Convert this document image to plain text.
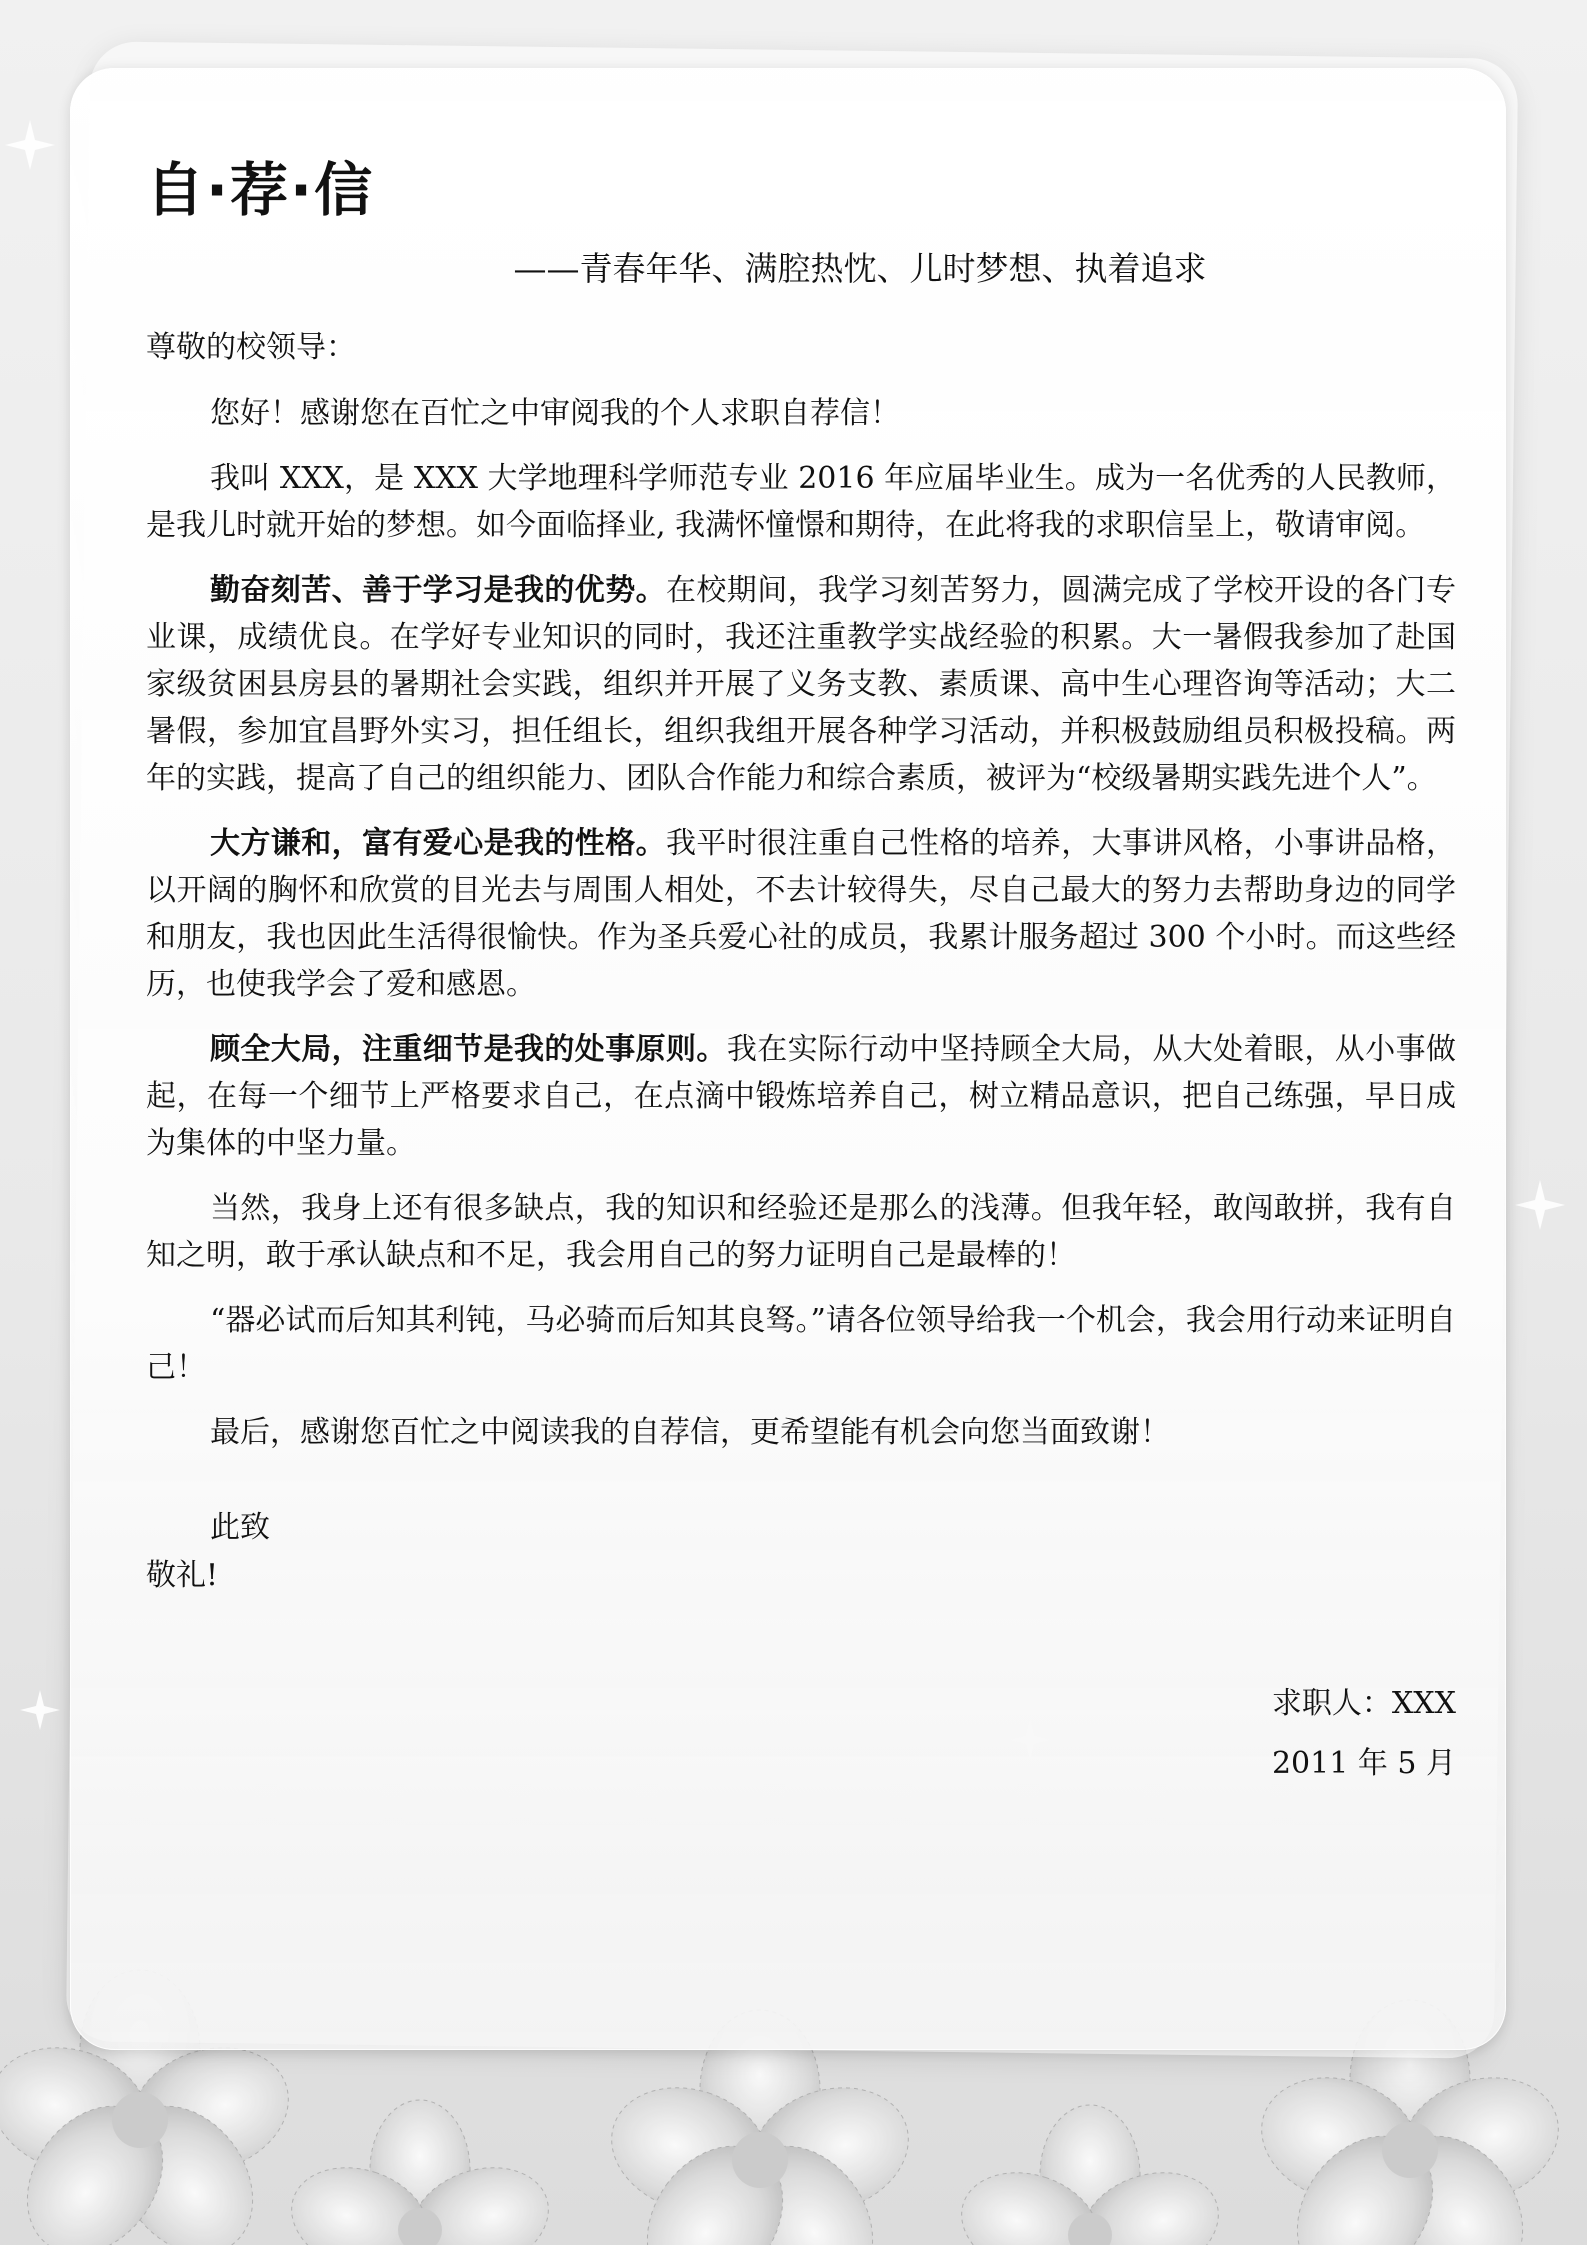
自·荐·信

——青春年华、满腔热忱、儿时梦想、执着追求

尊敬的校领导：

您好！感谢您在百忙之中审阅我的个人求职自荐信！

我叫 XXX，是 XXX 大学地理科学师范专业 2016 年应届毕业生。成为一名优秀的人民教师，是我儿时就开始的梦想。如今面临择业, 我满怀憧憬和期待，在此将我的求职信呈上，敬请审阅。

勤奋刻苦、善于学习是我的优势。在校期间，我学习刻苦努力，圆满完成了学校开设的各门专业课，成绩优良。在学好专业知识的同时，我还注重教学实战经验的积累。大一暑假我参加了赴国家级贫困县房县的暑期社会实践，组织并开展了义务支教、素质课、高中生心理咨询等活动；大二暑假，参加宜昌野外实习，担任组长，组织我组开展各种学习活动，并积极鼓励组员积极投稿。两年的实践，提高了自己的组织能力、团队合作能力和综合素质，被评为“校级暑期实践先进个人”。

大方谦和，富有爱心是我的性格。我平时很注重自己性格的培养，大事讲风格，小事讲品格，以开阔的胸怀和欣赏的目光去与周围人相处，不去计较得失，尽自己最大的努力去帮助身边的同学和朋友，我也因此生活得很愉快。作为圣兵爱心社的成员，我累计服务超过 300 个小时。而这些经历，也使我学会了爱和感恩。

顾全大局，注重细节是我的处事原则。我在实际行动中坚持顾全大局，从大处着眼，从小事做起，在每一个细节上严格要求自己，在点滴中锻炼培养自己，树立精品意识，把自己练强，早日成为集体的中坚力量。

当然，我身上还有很多缺点，我的知识和经验还是那么的浅薄。但我年轻，敢闯敢拼，我有自知之明，敢于承认缺点和不足，我会用自己的努力证明自己是最棒的！

“器必试而后知其利钝，马必骑而后知其良驽。”请各位领导给我一个机会，我会用行动来证明自己！

最后，感谢您百忙之中阅读我的自荐信，更希望能有机会向您当面致谢！

此致

敬礼!

求职人：XXX

2011 年 5 月
